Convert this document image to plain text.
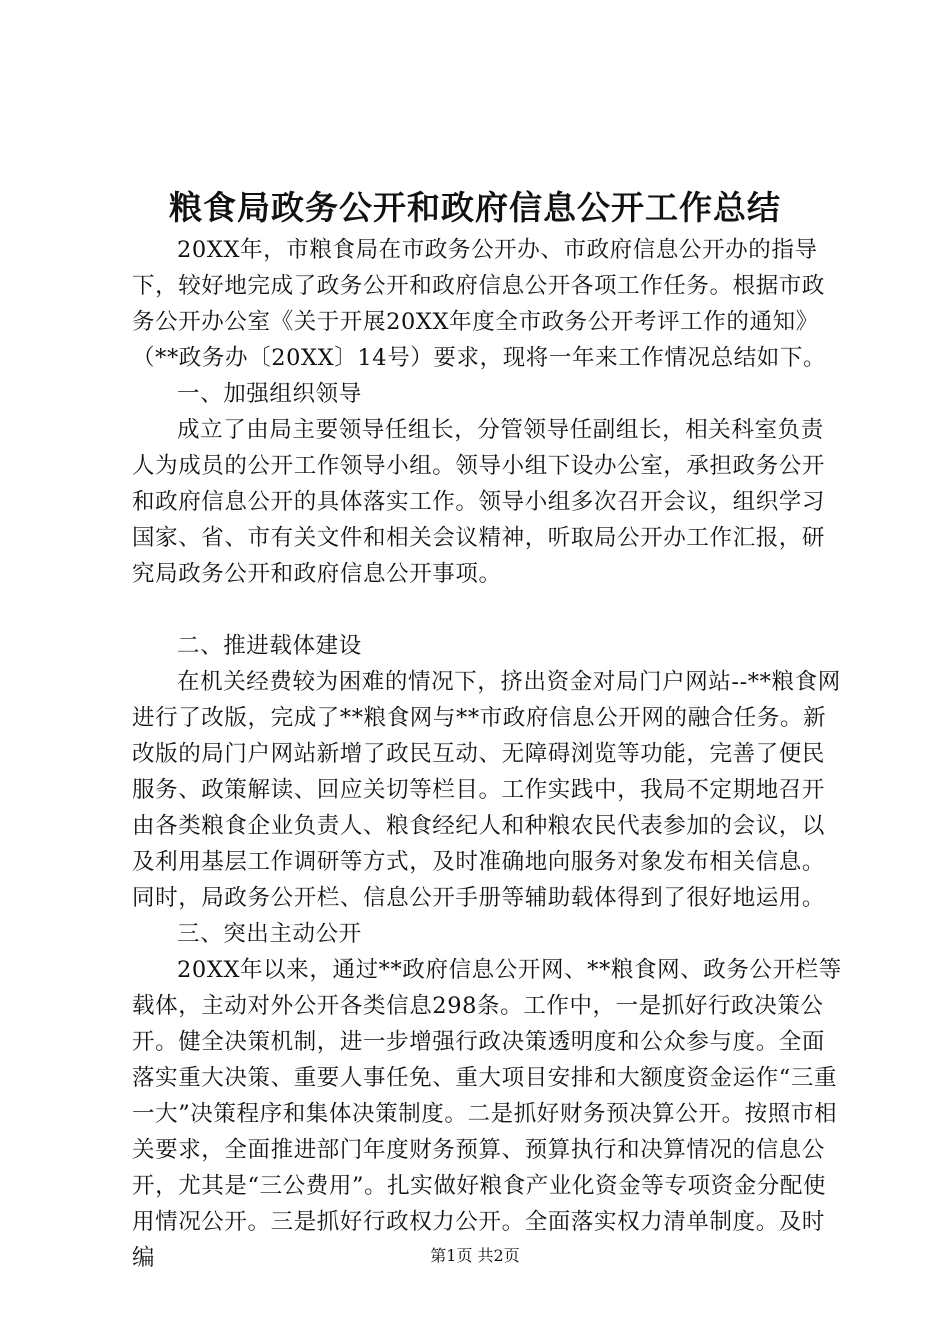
粮食局政务公开和政府信息公开工作总结

20XX年，市粮食局在市政务公开办、市政府信息公开办的指导下，较好地完成了政务公开和政府信息公开各项工作任务。根据市政务公开办公室《关于开展20XX年度全市政务公开考评工作的通知》（**政务办〔20XX〕14号）要求，现将一年来工作情况总结如下。

一、加强组织领导

成立了由局主要领导任组长，分管领导任副组长，相关科室负责人为成员的公开工作领导小组。领导小组下设办公室，承担政务公开和政府信息公开的具体落实工作。领导小组多次召开会议，组织学习国家、省、市有关文件和相关会议精神，听取局公开办工作汇报，研究局政务公开和政府信息公开事项。

二、推进载体建设

在机关经费较为困难的情况下，挤出资金对局门户网站--**粮食网进行了改版，完成了**粮食网与**市政府信息公开网的融合任务。新改版的局门户网站新增了政民互动、无障碍浏览等功能，完善了便民服务、政策解读、回应关切等栏目。工作实践中，我局不定期地召开由各类粮食企业负责人、粮食经纪人和种粮农民代表参加的会议，以及利用基层工作调研等方式，及时准确地向服务对象发布相关信息。同时，局政务公开栏、信息公开手册等辅助载体得到了很好地运用。

三、突出主动公开

20XX年以来，通过**政府信息公开网、**粮食网、政务公开栏等载体，主动对外公开各类信息298条。工作中，一是抓好行政决策公开。健全决策机制，进一步增强行政决策透明度和公众参与度。全面落实重大决策、重要人事任免、重大项目安排和大额度资金运作“三重一大”决策程序和集体决策制度。二是抓好财务预决算公开。按照市相关要求，全面推进部门年度财务预算、预算执行和决算情况的信息公开，尤其是“三公费用”。扎实做好粮食产业化资金等专项资金分配使用情况公开。三是抓好行政权力公开。全面落实权力清单制度。及时编	第1页 共2页
